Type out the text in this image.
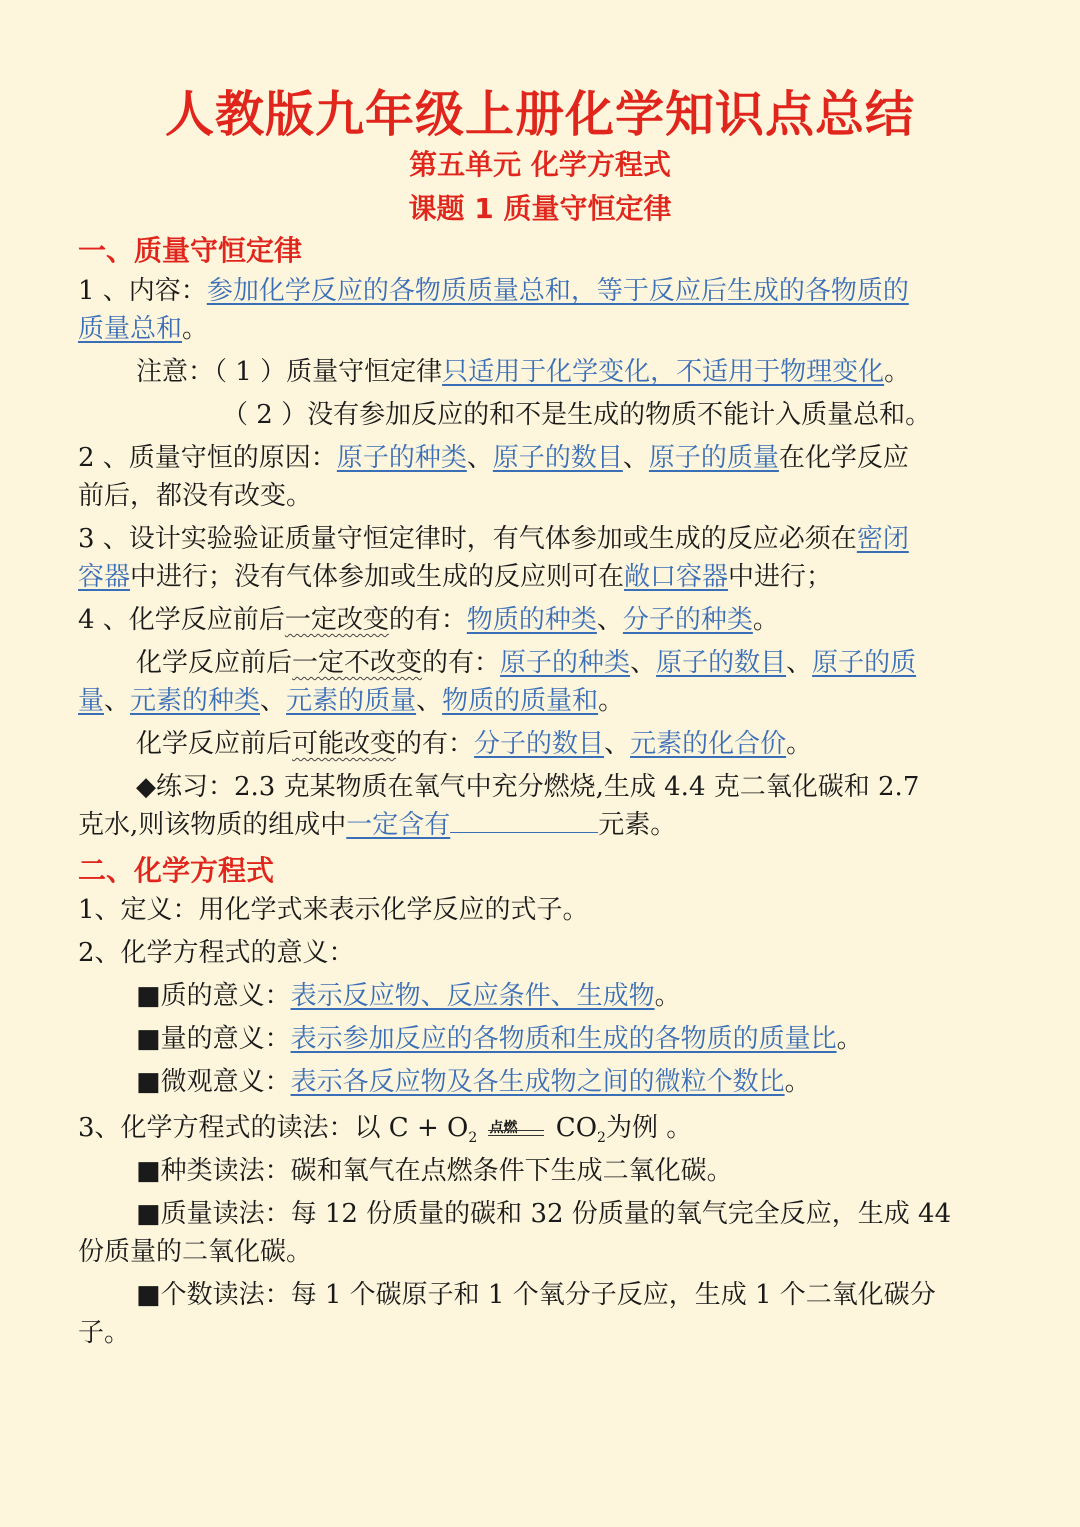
人教版九年级上册化学知识点总结
第五单元 化学方程式
课题 1 质量守恒定律
一、质量守恒定律
1 、内容：参加化学反应的各物质质量总和，等于反应后生成的各物质的
质量总和。
注意：（ 1 ）质量守恒定律只适用于化学变化，不适用于物理变化。
（ 2 ）没有参加反应的和不是生成的物质不能计入质量总和。
2 、质量守恒的原因：原子的种类、原子的数目、原子的质量在化学反应
前后，都没有改变。
3 、设计实验验证质量守恒定律时，有气体参加或生成的反应必须在密闭
容器中进行；没有气体参加或生成的反应则可在敞口容器中进行；
4 、化学反应前后一定改变的有：物质的种类、分子的种类。
化学反应前后一定不改变的有：原子的种类、原子的数目、原子的质
量、元素的种类、元素的质量、物质的质量和。
化学反应前后可能改变的有：分子的数目、元素的化合价。
◆练习：2.3 克某物质在氧气中充分燃烧,生成 4.4 克二氧化碳和 2.7
克水,则该物质的组成中一定含有	元素。
二、化学方程式
1、定义：用化学式来表示化学反应的式子。
2、化学方程式的意义：
■质的意义：表示反应物、反应条件、生成物。
■量的意义：表示参加反应的各物质和生成的各物质的质量比。
■微观意义：表示各反应物及各生成物之间的微粒个数比。
3、化学方程式的读法：以 $C + O_2$
点燃 $CO_2$为例 。
■种类读法：碳和氧气在点燃条件下生成二氧化碳。
■质量读法：每 12 份质量的碳和 32 份质量的氧气完全反应，生成 44
份质量的二氧化碳。
■个数读法：每 1 个碳原子和 1 个氧分子反应，生成 1 个二氧化碳分
子。
